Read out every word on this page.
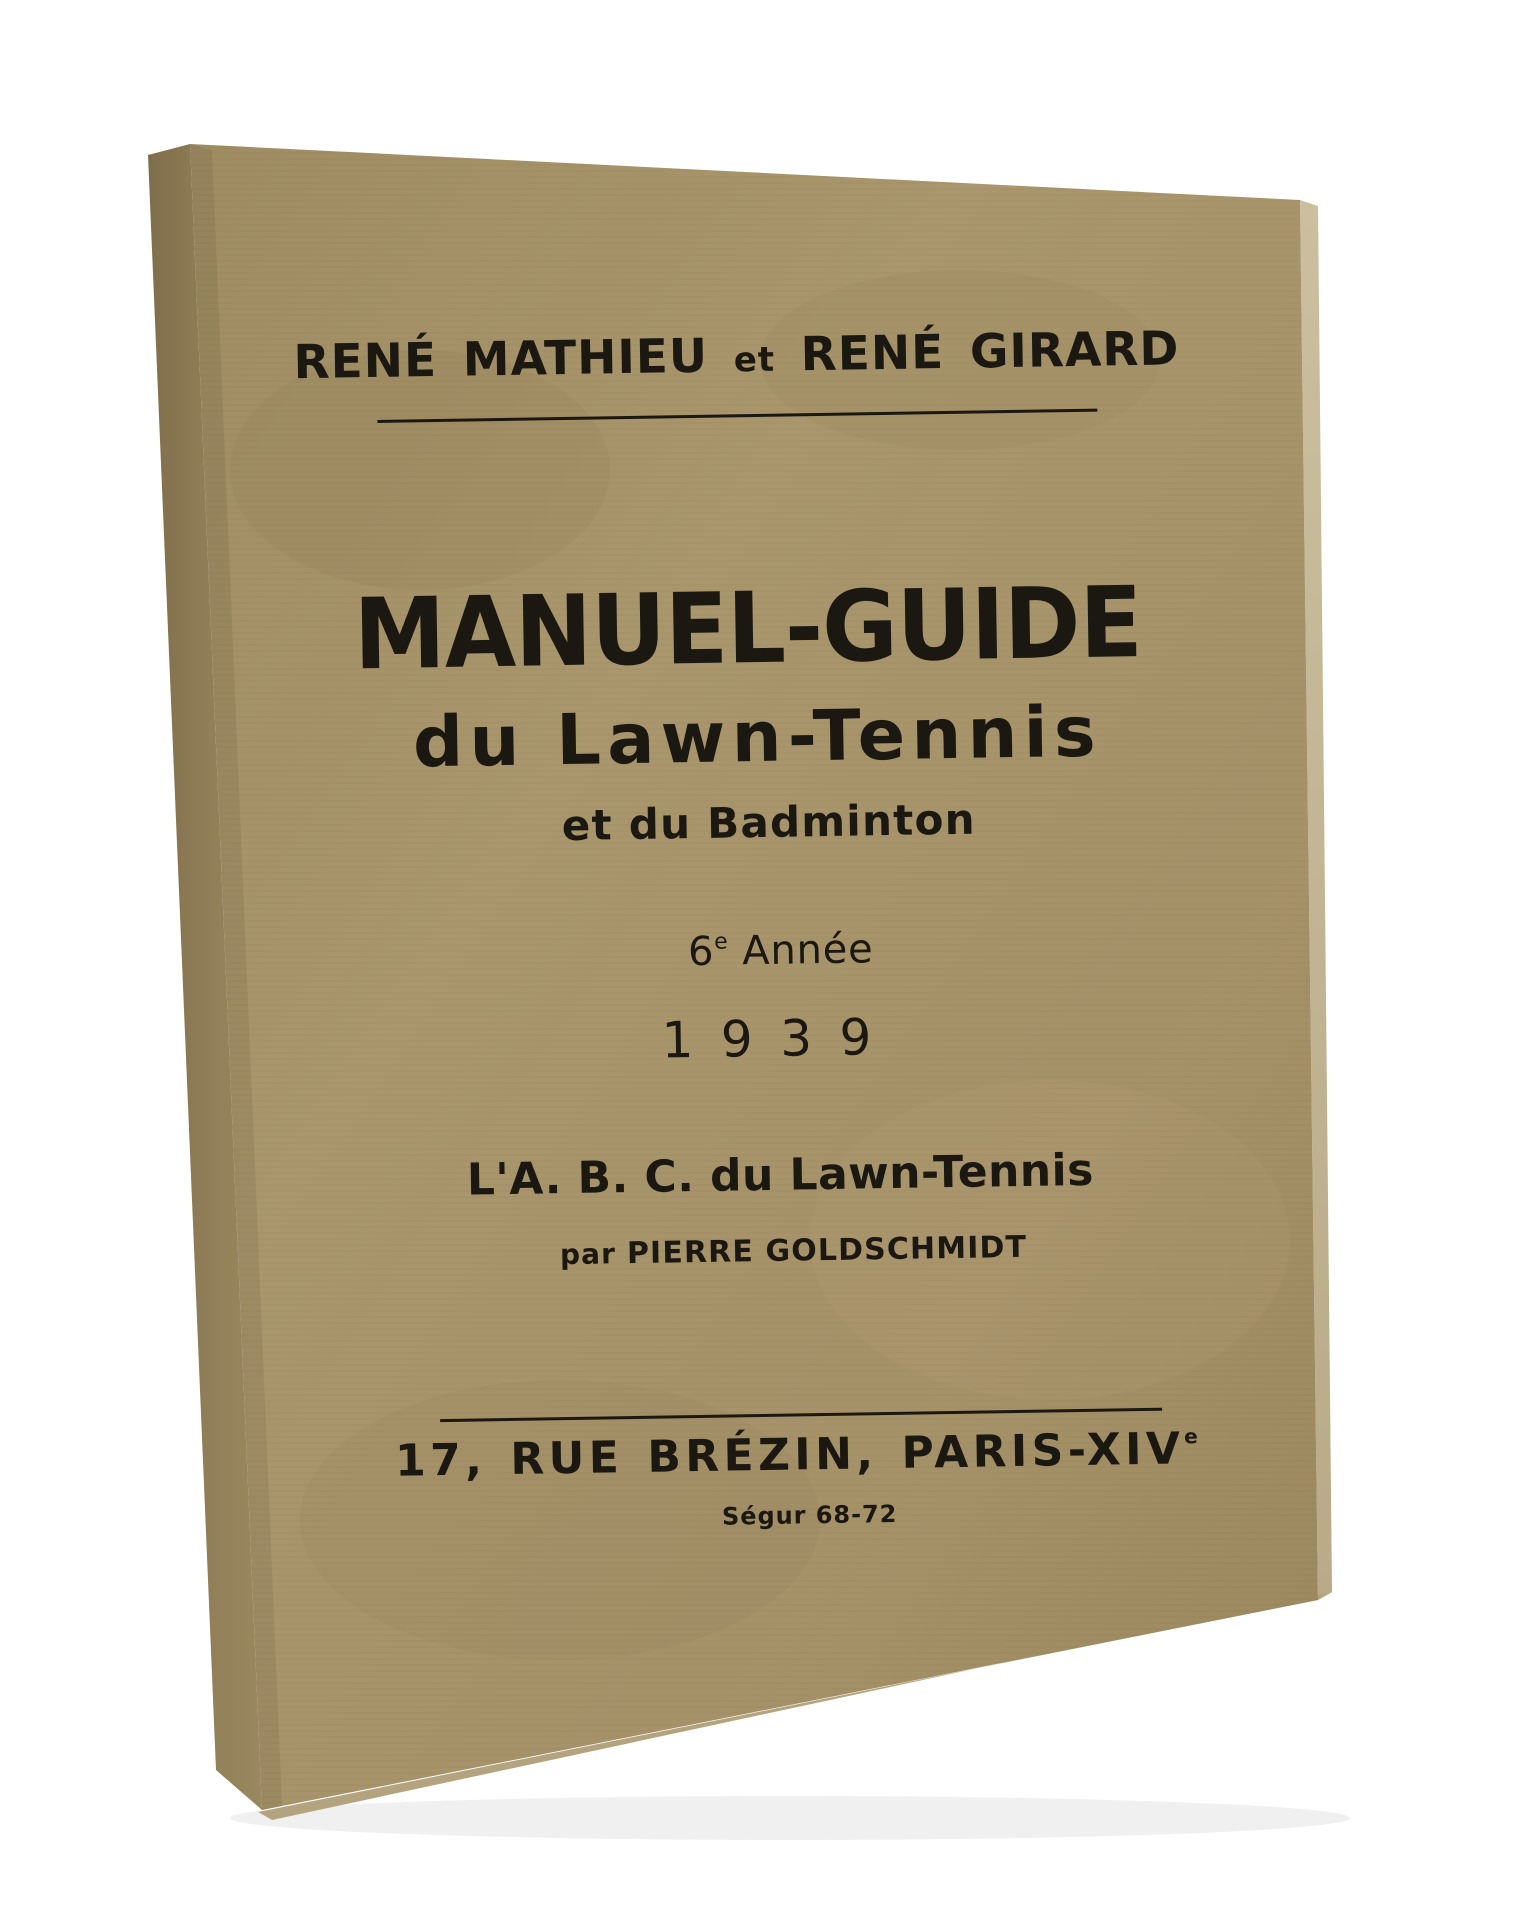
RENÉ MATHIEU et RENÉ GIRARD
MANUEL-GUIDE
du Lawn-Tennis
et du Badminton
6e Année
1939
L'A. B. C. du Lawn-Tennis
par PIERRE GOLDSCHMIDT
17, RUE BRÉZIN, PARIS-XIVe
Ségur 68-72
